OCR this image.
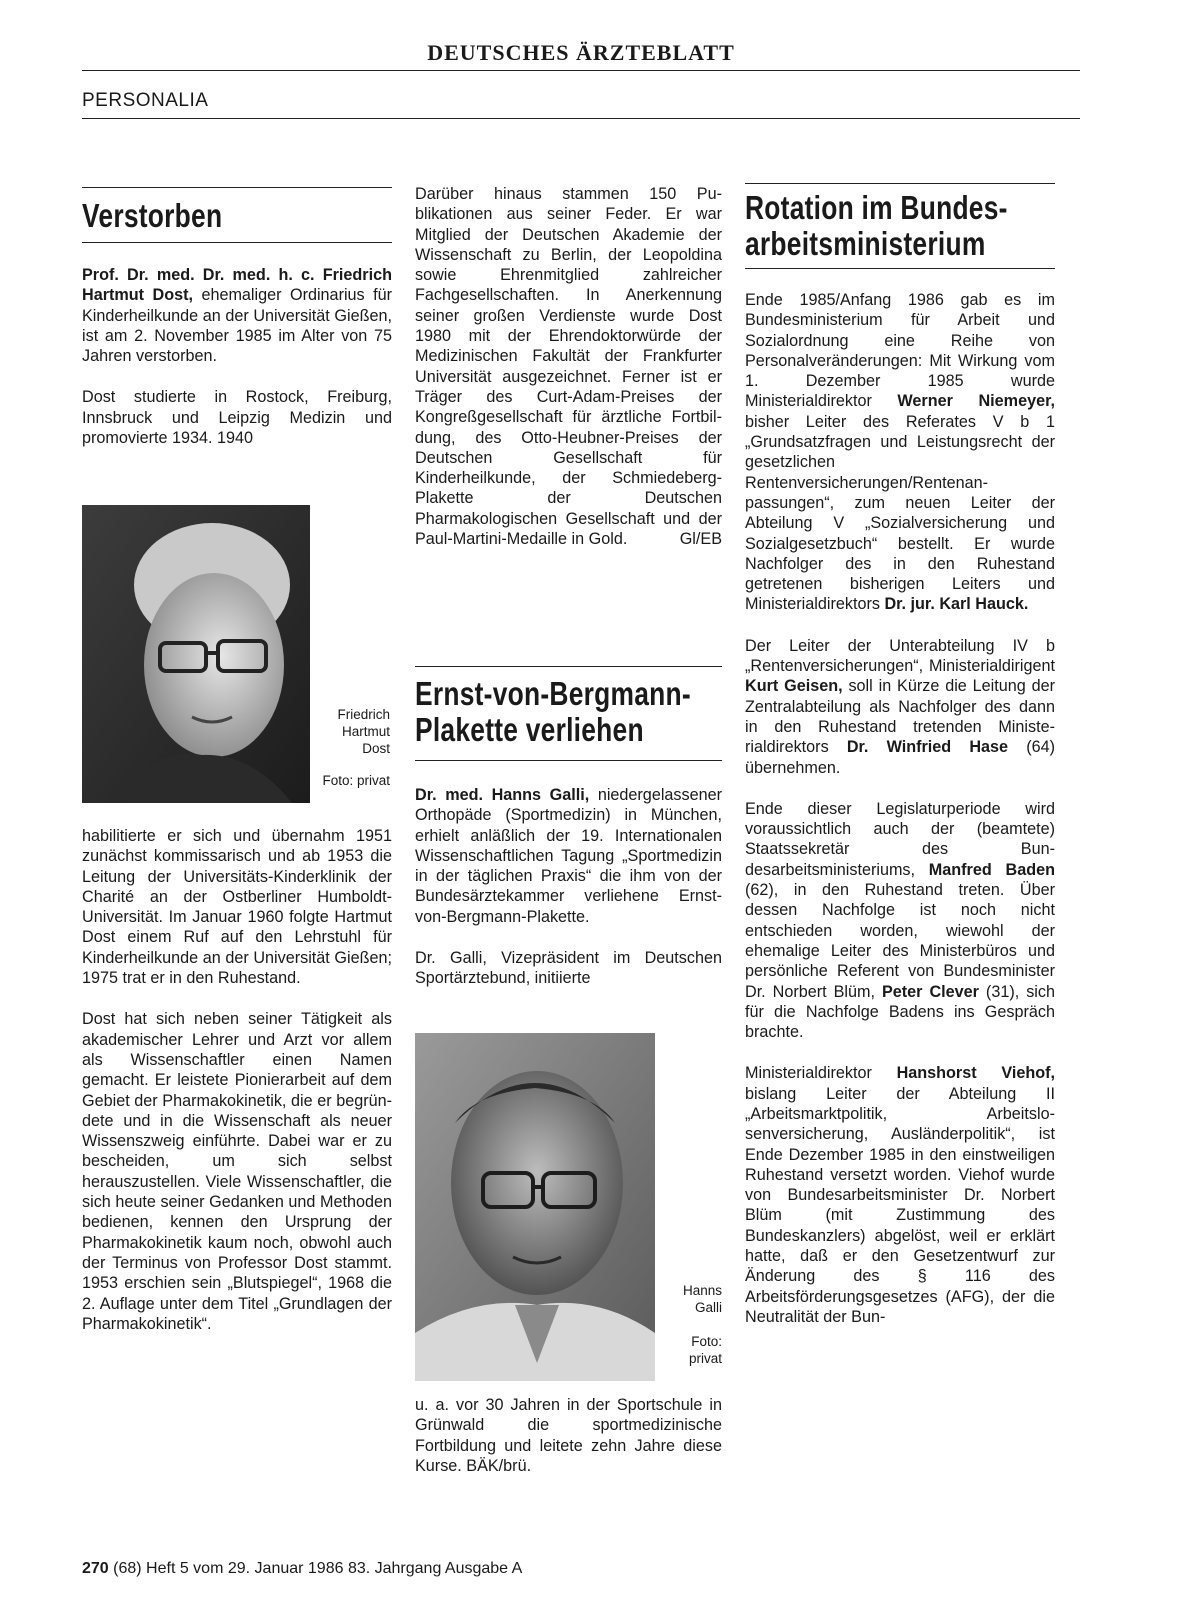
DEUTSCHES ÄRZTEBLATT
PERSONALIA
Verstorben

Prof. Dr. med. Dr. med. h. c. Friedrich Hartmut Dost, ehemaliger Ordinarius für Kinderheilkunde an der Universität Gießen, ist am 2. November 1985 im Alter von 75 Jahren verstorben.

Dost studierte in Rostock, Freiburg, Innsbruck und Leipzig Medizin und promovierte 1934. 1940

Friedrich Hartmut Dost
Foto: privat

habilitierte er sich und übernahm 1951 zunächst kommissarisch und ab 1953 die Leitung der Universitäts-Kinderklinik der Charité an der Ostberliner Humboldt-Universität. Im Januar 1960 folgte Hartmut Dost einem Ruf auf den Lehrstuhl für Kinderheilkunde an der Universität Gießen; 1975 trat er in den Ruhestand.

Dost hat sich neben seiner Tätigkeit als akademischer Lehrer und Arzt vor allem als Wissenschaftler einen Namen gemacht. Er leistete Pionierarbeit auf dem Gebiet der Pharmakokinetik, die er begründete und in die Wissenschaft als neuer Wissenszweig einführte. Dabei war er zu bescheiden, um sich selbst herauszustellen. Viele Wissenschaftler, die sich heute seiner Gedanken und Methoden bedienen, kennen den Ursprung der Pharmakokinetik kaum noch, obwohl auch der Terminus von Professor Dost stammt. 1953 erschien sein „Blutspiegel“, 1968 die 2. Auflage unter dem Titel „Grundlagen der Pharmakokinetik“.

Darüber hinaus stammen 150 Publikationen aus seiner Feder. Er war Mitglied der Deutschen Akademie der Wissenschaft zu Berlin, der Leopoldina sowie Ehrenmitglied zahlreicher Fachgesellschaften. In Anerkennung seiner großen Verdienste wurde Dost 1980 mit der Ehrendoktorwürde der Medizinischen Fakultät der Frankfurter Universität ausgezeichnet. Ferner ist er Träger des Curt-Adam-Preises der Kongreßgesellschaft für ärztliche Fortbildung, des Otto-Heubner-Preises der Deutschen Gesellschaft für Kinderheilkunde, der Schmiedeberg-Plakette der Deutschen Pharmakologischen Gesellschaft und der Paul-Martini-Medaille in Gold.	Gl/EB
Ernst-von-Bergmann-
Plakette verliehen

Dr. med. Hanns Galli, niedergelassener Orthopäde (Sportmedizin) in München, erhielt anläßlich der 19. Internationalen Wissenschaftlichen Tagung „Sportmedizin in der täglichen Praxis“ die ihm von der Bundesärztekammer verliehene Ernst-von-Bergmann-Plakette.

Dr. Galli, Vizepräsident im Deutschen Sportärztebund, initiierte

Hanns Galli
Foto: privat

u. a. vor 30 Jahren in der Sportschule in Grünwald die sportmedizinische Fortbildung und leitete zehn Jahre diese Kurse. BÄK/brü.

Rotation im Bundes-
arbeitsministerium

Ende 1985/Anfang 1986 gab es im Bundesministerium für Arbeit und Sozialordnung eine Reihe von Personalveränderungen: Mit Wirkung vom 1. Dezember 1985 wurde Ministerialdirektor Werner Niemeyer, bisher Leiter des Referates V b 1 „Grundsatzfragen und Leistungsrecht der gesetzlichen Rentenversicherungen/Rentenanpassungen“, zum neuen Leiter der Abteilung V „Sozialversicherung und Sozialgesetzbuch“ bestellt. Er wurde Nachfolger des in den Ruhestand getretenen bisherigen Leiters und Ministerialdirektors Dr. jur. Karl Hauck.

Der Leiter der Unterabteilung IV b „Rentenversicherungen“, Ministerialdirigent Kurt Geisen, soll in Kürze die Leitung der Zentralabteilung als Nachfolger des dann in den Ruhestand tretenden Ministerialdirektors Dr. Winfried Hase (64) übernehmen.

Ende dieser Legislaturperiode wird voraussichtlich auch der (beamtete) Staatssekretär des Bundesarbeitsministeriums, Manfred Baden (62), in den Ruhestand treten. Über dessen Nachfolge ist noch nicht entschieden worden, wiewohl der ehemalige Leiter des Ministerbüros und persönliche Referent von Bundesminister Dr. Norbert Blüm, Peter Clever (31), sich für die Nachfolge Badens ins Gespräch brachte.

Ministerialdirektor Hanshorst Viehof, bislang Leiter der Abteilung II „Arbeitsmarktpolitik, Arbeitslosenversicherung, Ausländerpolitik“, ist Ende Dezember 1985 in den einstweiligen Ruhestand versetzt worden. Viehof wurde von Bundesarbeitsminister Dr. Norbert Blüm (mit Zustimmung des Bundeskanzlers) abgelöst, weil er erklärt hatte, daß er den Gesetzentwurf zur Änderung des § 116 des Arbeitsförderungsgesetzes (AFG), der die Neutralität der Bun-

270 (68) Heft 5 vom 29. Januar 1986 83. Jahrgang Ausgabe A
